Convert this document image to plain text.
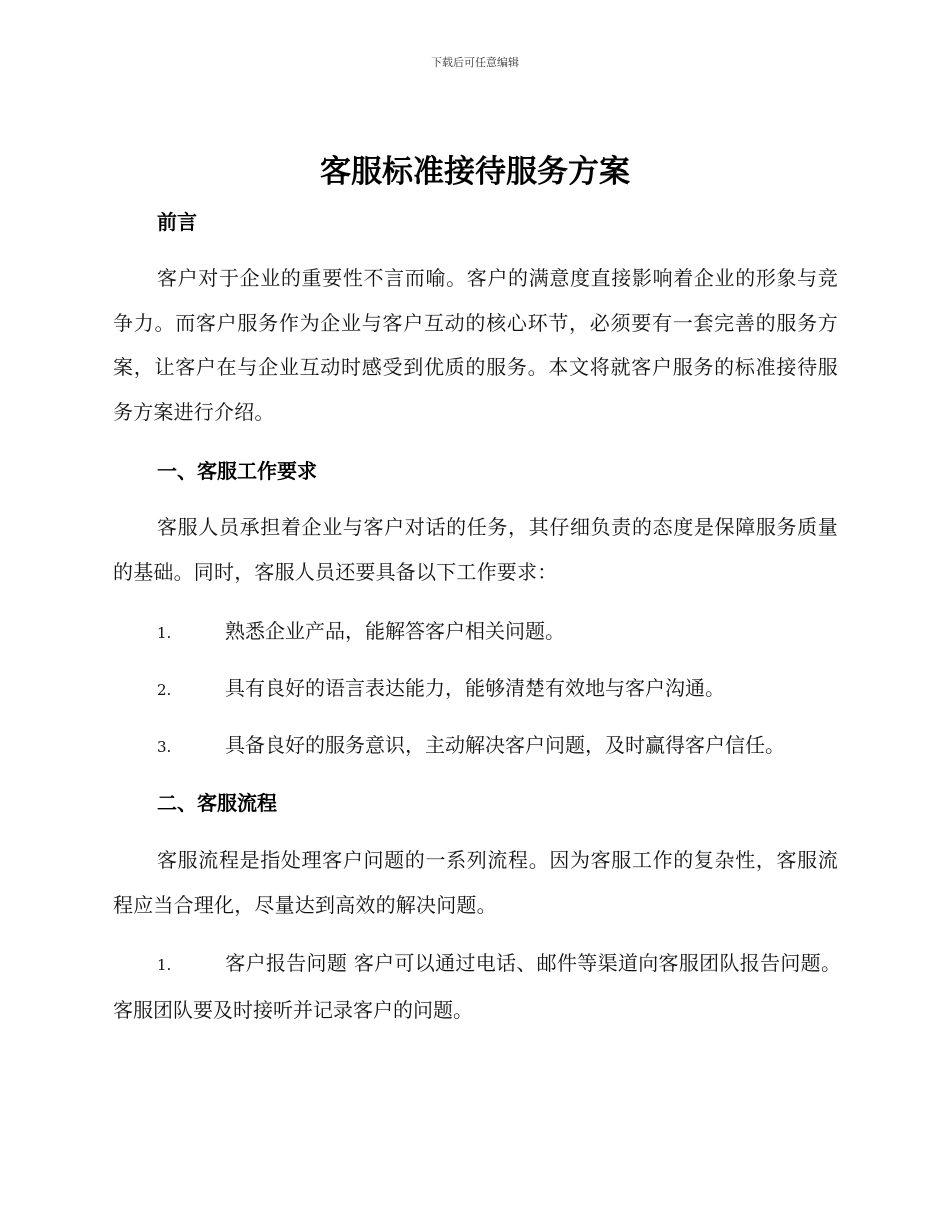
下载后可任意编辑
客服标准接待服务方案
前言

客户对于企业的重要性不言而喻。客户的满意度直接影响着企业的形象与竞争力。而客户服务作为企业与客户互动的核心环节，必须要有一套完善的服务方案，让客户在与企业互动时感受到优质的服务。本文将就客户服务的标准接待服务方案进行介绍。

一、客服工作要求

客服人员承担着企业与客户对话的任务，其仔细负责的态度是保障服务质量的基础。同时，客服人员还要具备以下工作要求：

1.	熟悉企业产品，能解答客户相关问题。
2.	具有良好的语言表达能力，能够清楚有效地与客户沟通。
3.	具备良好的服务意识，主动解决客户问题，及时赢得客户信任。
二、客服流程

客服流程是指处理客户问题的一系列流程。因为客服工作的复杂性，客服流程应当合理化，尽量达到高效的解决问题。

1.	客户报告问题 客户可以通过电话、邮件等渠道向客服团队报告问题。客服团队要及时接听并记录客户的问题。
